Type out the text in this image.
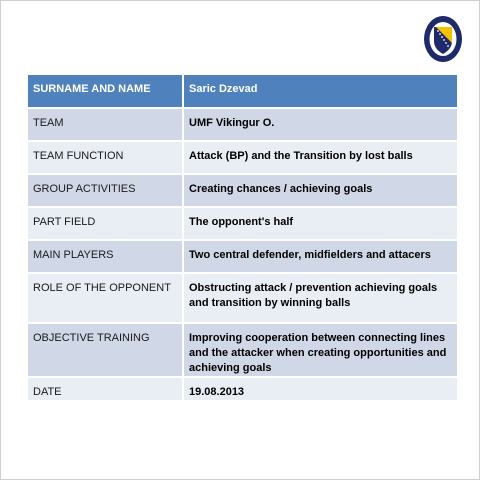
SURNAME AND NAME	Saric Dzevad
TEAM	UMF Vikingur O.
TEAM FUNCTION	Attack (BP) and the Transition by lost balls
GROUP ACTIVITIES	Creating chances / achieving goals
PART FIELD	The opponent's half
MAIN PLAYERS	Two central defender, midfielders and attacers
ROLE OF THE OPPONENT	Obstructing attack / prevention achieving goals and transition by winning balls
OBJECTIVE TRAINING	Improving cooperation between connecting lines and the attacker when creating opportunities and achieving goals
DATE	19.08.2013
